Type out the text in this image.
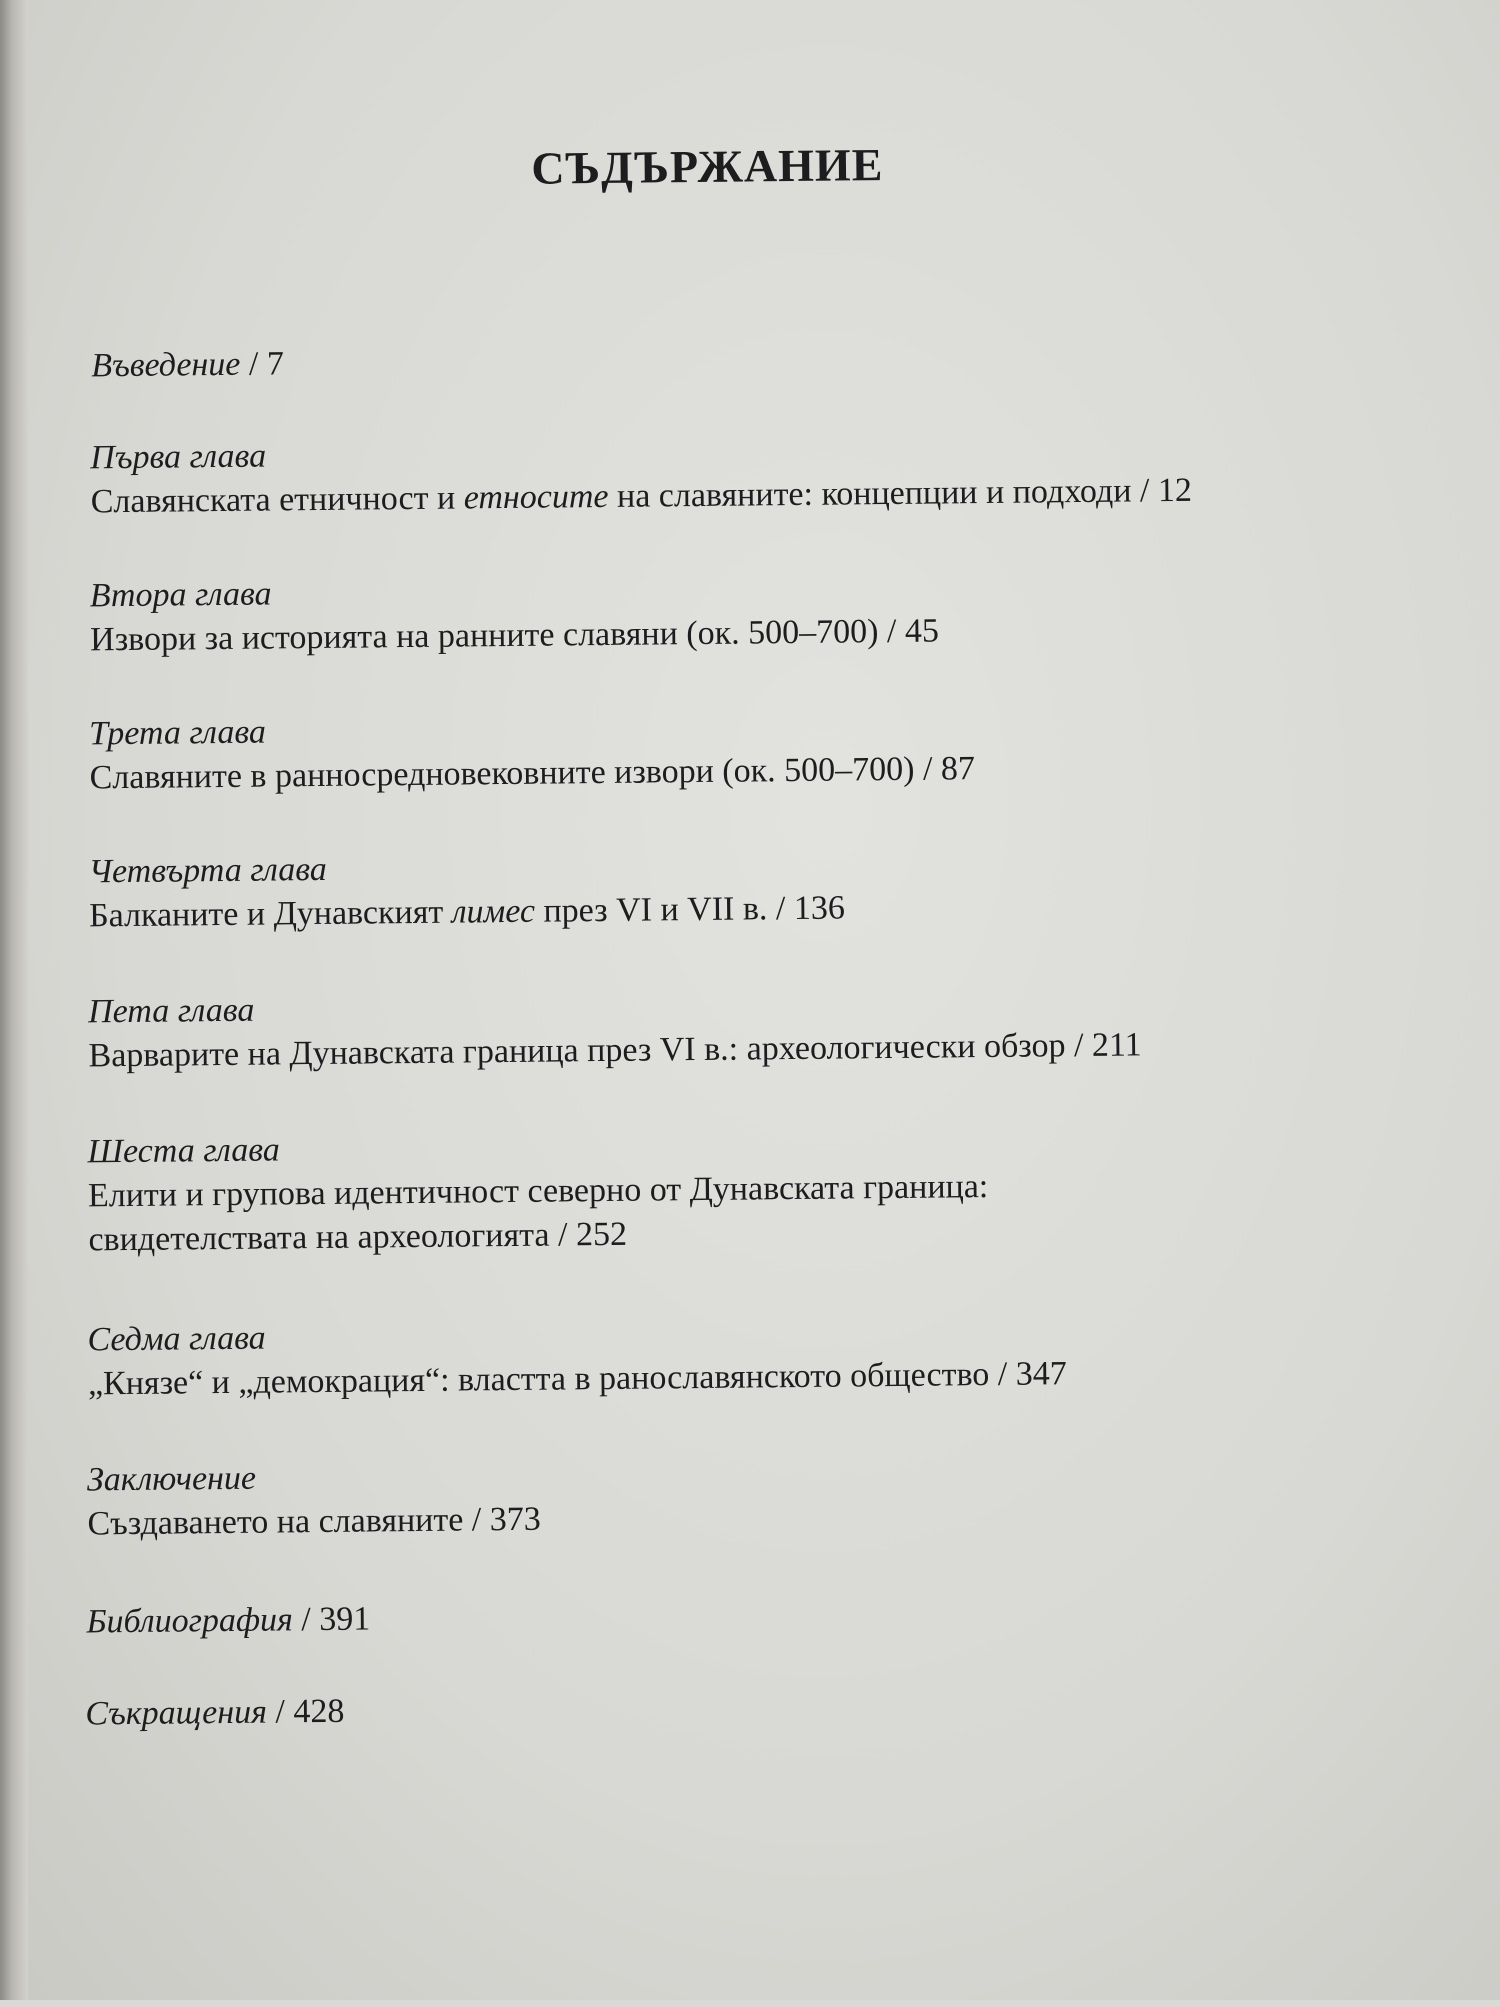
СЪДЪРЖАНИЕ
Въведение / 7
Първа глава
Славянската етничност и етносите на славяните: концепции и подходи / 12
Втора глава
Извори за историята на ранните славяни (ок. 500–700) / 45
Трета глава
Славяните в ранносредновековните извори (ок. 500–700) / 87
Четвърта глава
Балканите и Дунавският лимес през VI и VII в. / 136
Пета глава
Варварите на Дунавската граница през VI в.: археологически обзор / 211
Шеста глава
Елити и групова идентичност северно от Дунавската граница:
свидетелствата на археологията / 252
Седма глава
„Князе“ и „демокрация“: властта в ранославянското общество / 347
Заключение
Създаването на славяните / 373
Библиография / 391
Съкращения / 428
